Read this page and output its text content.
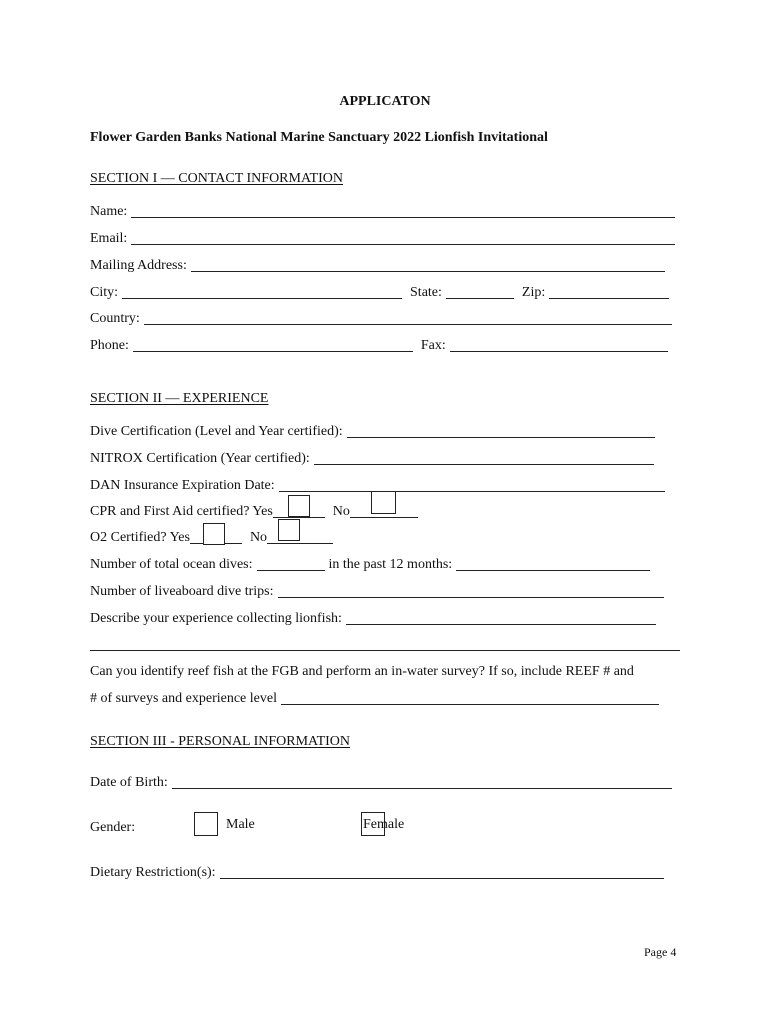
APPLICATON
Flower Garden Banks National Marine Sanctuary 2022 Lionfish Invitational
SECTION I — CONTACT INFORMATION
Name:
Email:
Mailing Address:
City:	State:	Zip:
Country:
Phone:	Fax:
SECTION II — EXPERIENCE
Dive Certification (Level and Year certified):
NITROX Certification (Year certified):
DAN Insurance Expiration Date:
CPR and First Aid certified? Yes	No
O2 Certified? Yes	No
Number of total ocean dives:	in the past 12 months:
Number of liveaboard dive trips:
Describe your experience collecting lionfish:
Can you identify reef fish at the FGB and perform an in-water survey? If so, include REEF # and
# of surveys and experience level
SECTION III - PERSONAL INFORMATION
Date of Birth:
Gender:
	Male	Female
Dietary Restriction(s):
Page 4
